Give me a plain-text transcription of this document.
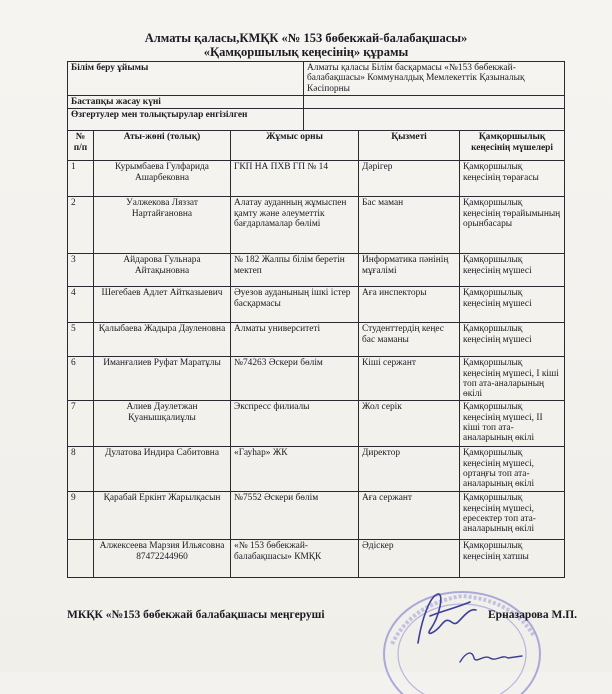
Алматы қаласы,КМҚК «№ 153 бөбекжай-балабақшасы»
«Қамқоршылық кеңесінің» құрамы
Білім беру ұйымы			Алматы қаласы Білім басқармасы «№153 бөбекжай-балабақшасы» Коммуналдық Мемлекеттік Қазыналық Кәсіпорны		
Бастапқы жасау күні					
Өзгертулер мен толықтырулар енгізілген					
№ п/п	Аты-жөні (толық)	Жұмыс орны		Қызметі	Қамқоршылық кеңесінің мүшелері
1	Курымбаева Гулфарида Ашарбековна	ГКП НА ПХВ ГП № 14		Дәрігер	Қамқоршылық кеңесінің төрағасы
2	Уалжекова Ляззат Нартайғановна	Алатау ауданның жұмыспен қамту және әлеуметтік бағдарламалар бөлімі		Бас маман	Қамқоршылық кеңесінің төрайымының орынбасары
3	Айдарова Гульнара Айтақыновна	№ 182 Жалпы білім беретін мектеп		Информатика пәнінің мұғалімі	Қамқоршылық кеңесінің мүшесі
4	Шегебаев Адлет Айтказыевич	Әуезов ауданының ішкі істер басқармасы		Аға инспекторы	Қамқоршылық кеңесінің мүшесі
5	Қалыбаева Жадыра Дауленовна	Алматы университеті		Студенттердің кеңес бас маманы	Қамқоршылық кеңесінің мүшесі
6	Иманғалиев Руфат Маратұлы	№74263 Әскери бөлім		Кіші сержант	Қамқоршылық кеңесінің мүшесі, I кіші топ ата-аналарының өкілі
7	Алиев Дәулетжан Қуанышқалиұлы	Экспресс филиалы		Жол серік	Қамқоршылық кеңесінің мүшесі, II кіші топ ата-аналарының өкілі
8	Дулатова Индира Сабитовна	«Гауһар» ЖК		Директор	Қамқоршылық кеңесінің мүшесі, ортаңғы топ ата-аналарының өкілі
9	Қарабай Еркінт Жарылқасын	№7552 Әскери бөлім		Аға сержант	Қамқоршылық кеңесінің мүшесі, ересектер топ ата-аналарының өкілі
	Алжексеева Марзия Ильясовна 87472244960	«№ 153 бөбекжай-балабақшасы» КМҚК		Әдіскер	Қамқоршылық кеңесінің хатшы
МКҚК «№153 бөбекжай балабақшасы меңгерушi	Ерназарова М.П.
